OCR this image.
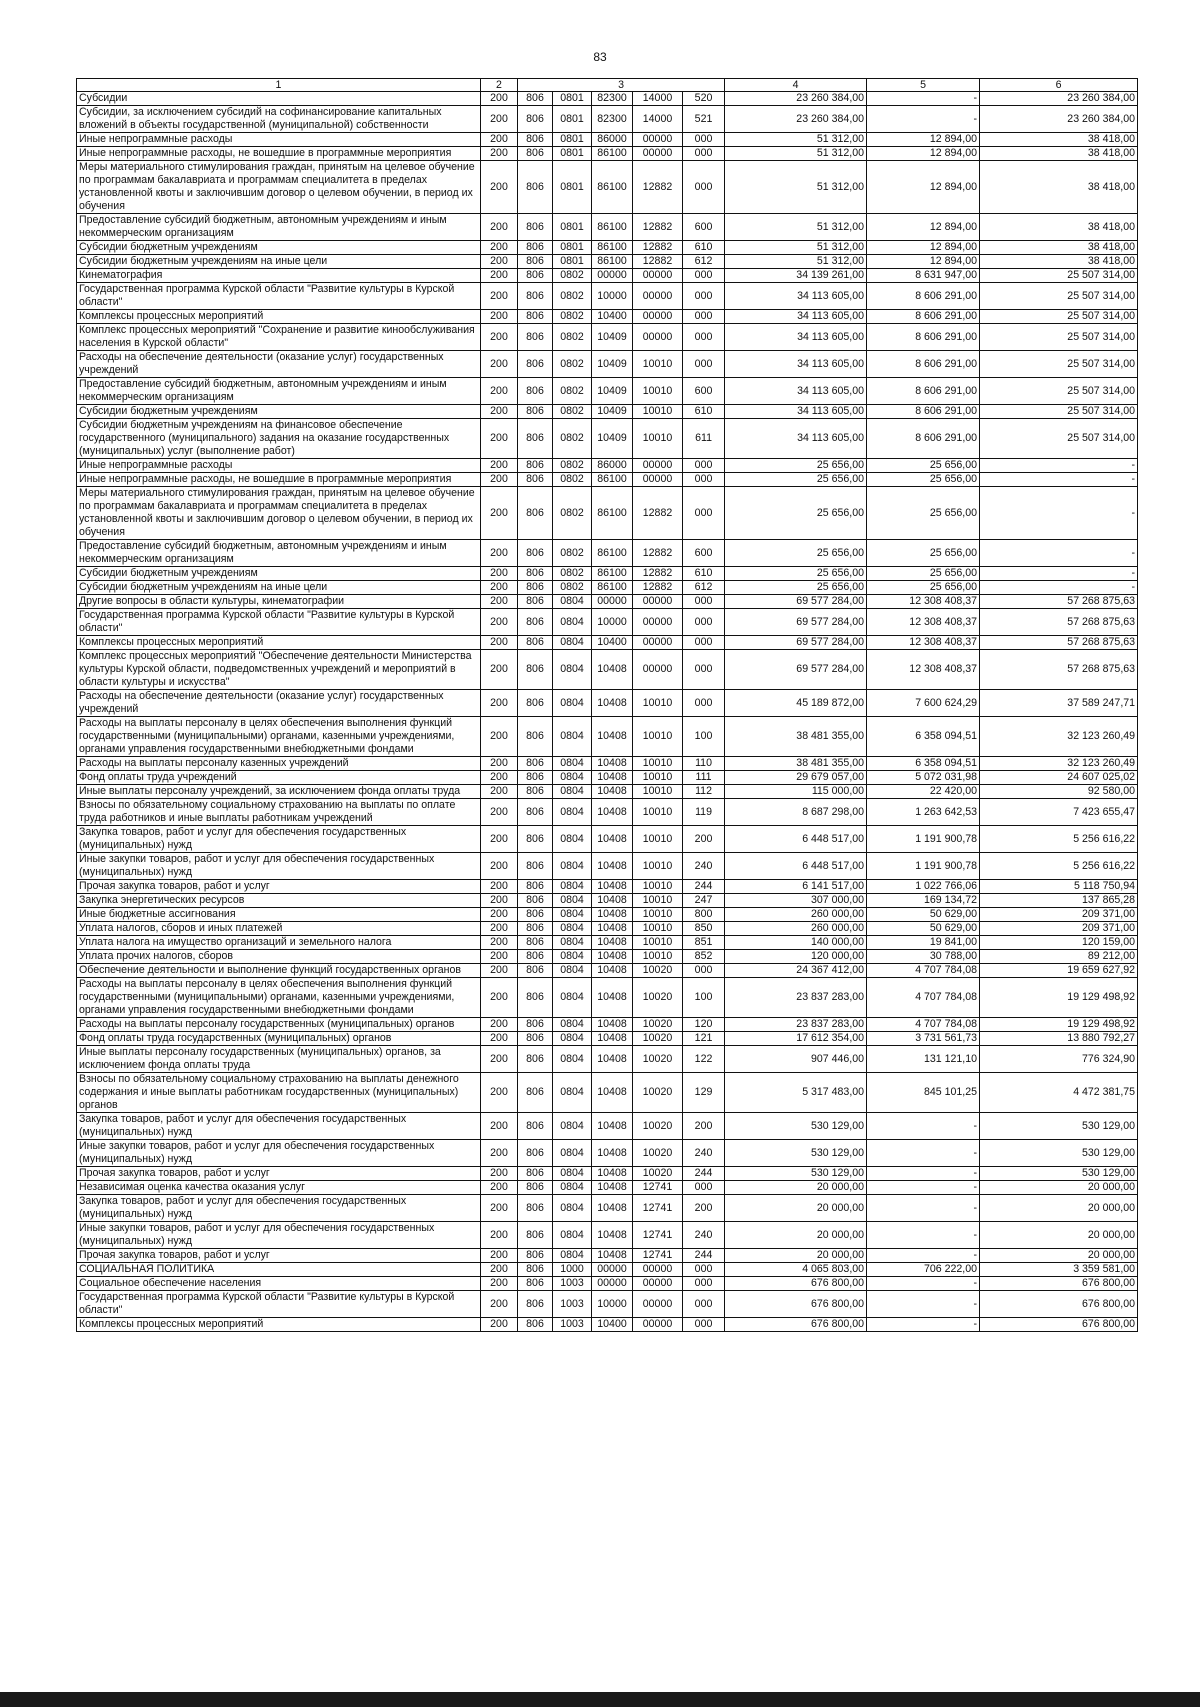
83
1	2	3					4	5	6
Субсидии	200	806	0801	82300	14000	520	23 260 384,00	-	23 260 384,00
Субсидии, за исключением субсидий на софинансирование капитальных вложений в объекты государственной (муниципальной) собственности	200	806	0801	82300	14000	521	23 260 384,00	-	23 260 384,00
Иные непрограммные расходы	200	806	0801	86000	00000	000	51 312,00	12 894,00	38 418,00
Иные непрограммные расходы, не вошедшие в программные мероприятия	200	806	0801	86100	00000	000	51 312,00	12 894,00	38 418,00
Меры материального стимулирования граждан, принятым на целевое обучение по программам бакалавриата и программам специалитета в пределах установленной квоты и заключившим договор о целевом обучении, в период их обучения	200	806	0801	86100	12882	000	51 312,00	12 894,00	38 418,00
Предоставление субсидий бюджетным, автономным учреждениям и иным некоммерческим организациям	200	806	0801	86100	12882	600	51 312,00	12 894,00	38 418,00
Субсидии бюджетным учреждениям	200	806	0801	86100	12882	610	51 312,00	12 894,00	38 418,00
Субсидии бюджетным учреждениям на иные цели	200	806	0801	86100	12882	612	51 312,00	12 894,00	38 418,00
Кинематография	200	806	0802	00000	00000	000	34 139 261,00	8 631 947,00	25 507 314,00
Государственная программа Курской области "Развитие культуры в Курской области"	200	806	0802	10000	00000	000	34 113 605,00	8 606 291,00	25 507 314,00
Комплексы процессных мероприятий	200	806	0802	10400	00000	000	34 113 605,00	8 606 291,00	25 507 314,00
Комплекс процессных мероприятий "Сохранение и развитие кинообслуживания населения в Курской области"	200	806	0802	10409	00000	000	34 113 605,00	8 606 291,00	25 507 314,00
Расходы на обеспечение деятельности (оказание услуг) государственных учреждений	200	806	0802	10409	10010	000	34 113 605,00	8 606 291,00	25 507 314,00
Предоставление субсидий бюджетным, автономным учреждениям и иным некоммерческим организациям	200	806	0802	10409	10010	600	34 113 605,00	8 606 291,00	25 507 314,00
Субсидии бюджетным учреждениям	200	806	0802	10409	10010	610	34 113 605,00	8 606 291,00	25 507 314,00
Субсидии бюджетным учреждениям на финансовое обеспечение государственного (муниципального) задания на оказание государственных (муниципальных) услуг (выполнение работ)	200	806	0802	10409	10010	611	34 113 605,00	8 606 291,00	25 507 314,00
Иные непрограммные расходы	200	806	0802	86000	00000	000	25 656,00	25 656,00	-
Иные непрограммные расходы, не вошедшие в программные мероприятия	200	806	0802	86100	00000	000	25 656,00	25 656,00	-
Меры материального стимулирования граждан, принятым на целевое обучение по программам бакалавриата и программам специалитета в пределах установленной квоты и заключившим договор о целевом обучении, в период их обучения	200	806	0802	86100	12882	000	25 656,00	25 656,00	-
Предоставление субсидий бюджетным, автономным учреждениям и иным некоммерческим организациям	200	806	0802	86100	12882	600	25 656,00	25 656,00	-
Субсидии бюджетным учреждениям	200	806	0802	86100	12882	610	25 656,00	25 656,00	-
Субсидии бюджетным учреждениям на иные цели	200	806	0802	86100	12882	612	25 656,00	25 656,00	-
Другие вопросы в области культуры, кинематографии	200	806	0804	00000	00000	000	69 577 284,00	12 308 408,37	57 268 875,63
Государственная программа Курской области "Развитие культуры в Курской области"	200	806	0804	10000	00000	000	69 577 284,00	12 308 408,37	57 268 875,63
Комплексы процессных мероприятий	200	806	0804	10400	00000	000	69 577 284,00	12 308 408,37	57 268 875,63
Комплекс процессных мероприятий "Обеспечение деятельности Министерства культуры Курской области, подведомственных учреждений и мероприятий в области культуры и искусства"	200	806	0804	10408	00000	000	69 577 284,00	12 308 408,37	57 268 875,63
Расходы на обеспечение деятельности (оказание услуг) государственных учреждений	200	806	0804	10408	10010	000	45 189 872,00	7 600 624,29	37 589 247,71
Расходы на выплаты персоналу в целях обеспечения выполнения функций государственными (муниципальными) органами, казенными учреждениями, органами управления государственными внебюджетными фондами	200	806	0804	10408	10010	100	38 481 355,00	6 358 094,51	32 123 260,49
Расходы на выплаты персоналу казенных учреждений	200	806	0804	10408	10010	110	38 481 355,00	6 358 094,51	32 123 260,49
Фонд оплаты труда учреждений	200	806	0804	10408	10010	111	29 679 057,00	5 072 031,98	24 607 025,02
Иные выплаты персоналу учреждений, за исключением фонда оплаты труда	200	806	0804	10408	10010	112	115 000,00	22 420,00	92 580,00
Взносы по обязательному социальному страхованию на выплаты по оплате труда работников и иные выплаты работникам учреждений	200	806	0804	10408	10010	119	8 687 298,00	1 263 642,53	7 423 655,47
Закупка товаров, работ и услуг для обеспечения государственных (муниципальных) нужд	200	806	0804	10408	10010	200	6 448 517,00	1 191 900,78	5 256 616,22
Иные закупки товаров, работ и услуг для обеспечения государственных (муниципальных) нужд	200	806	0804	10408	10010	240	6 448 517,00	1 191 900,78	5 256 616,22
Прочая закупка товаров, работ и услуг	200	806	0804	10408	10010	244	6 141 517,00	1 022 766,06	5 118 750,94
Закупка энергетических ресурсов	200	806	0804	10408	10010	247	307 000,00	169 134,72	137 865,28
Иные бюджетные ассигнования	200	806	0804	10408	10010	800	260 000,00	50 629,00	209 371,00
Уплата налогов, сборов и иных платежей	200	806	0804	10408	10010	850	260 000,00	50 629,00	209 371,00
Уплата налога на имущество организаций и земельного налога	200	806	0804	10408	10010	851	140 000,00	19 841,00	120 159,00
Уплата прочих налогов, сборов	200	806	0804	10408	10010	852	120 000,00	30 788,00	89 212,00
Обеспечение деятельности и выполнение функций государственных органов	200	806	0804	10408	10020	000	24 367 412,00	4 707 784,08	19 659 627,92
Расходы на выплаты персоналу в целях обеспечения выполнения функций государственными (муниципальными) органами, казенными учреждениями, органами управления государственными внебюджетными фондами	200	806	0804	10408	10020	100	23 837 283,00	4 707 784,08	19 129 498,92
Расходы на выплаты персоналу государственных (муниципальных) органов	200	806	0804	10408	10020	120	23 837 283,00	4 707 784,08	19 129 498,92
Фонд оплаты труда государственных (муниципальных) органов	200	806	0804	10408	10020	121	17 612 354,00	3 731 561,73	13 880 792,27
Иные выплаты персоналу государственных (муниципальных) органов, за исключением фонда оплаты труда	200	806	0804	10408	10020	122	907 446,00	131 121,10	776 324,90
Взносы по обязательному социальному страхованию на выплаты денежного содержания и иные выплаты работникам государственных (муниципальных) органов	200	806	0804	10408	10020	129	5 317 483,00	845 101,25	4 472 381,75
Закупка товаров, работ и услуг для обеспечения государственных (муниципальных) нужд	200	806	0804	10408	10020	200	530 129,00	-	530 129,00
Иные закупки товаров, работ и услуг для обеспечения государственных (муниципальных) нужд	200	806	0804	10408	10020	240	530 129,00	-	530 129,00
Прочая закупка товаров, работ и услуг	200	806	0804	10408	10020	244	530 129,00	-	530 129,00
Независимая оценка качества оказания услуг	200	806	0804	10408	12741	000	20 000,00	-	20 000,00
Закупка товаров, работ и услуг для обеспечения государственных (муниципальных) нужд	200	806	0804	10408	12741	200	20 000,00	-	20 000,00
Иные закупки товаров, работ и услуг для обеспечения государственных (муниципальных) нужд	200	806	0804	10408	12741	240	20 000,00	-	20 000,00
Прочая закупка товаров, работ и услуг	200	806	0804	10408	12741	244	20 000,00	-	20 000,00
СОЦИАЛЬНАЯ ПОЛИТИКА	200	806	1000	00000	00000	000	4 065 803,00	706 222,00	3 359 581,00
Социальное обеспечение населения	200	806	1003	00000	00000	000	676 800,00	-	676 800,00
Государственная программа Курской области "Развитие культуры в Курской области"	200	806	1003	10000	00000	000	676 800,00	-	676 800,00
Комплексы процессных мероприятий	200	806	1003	10400	00000	000	676 800,00	-	676 800,00
